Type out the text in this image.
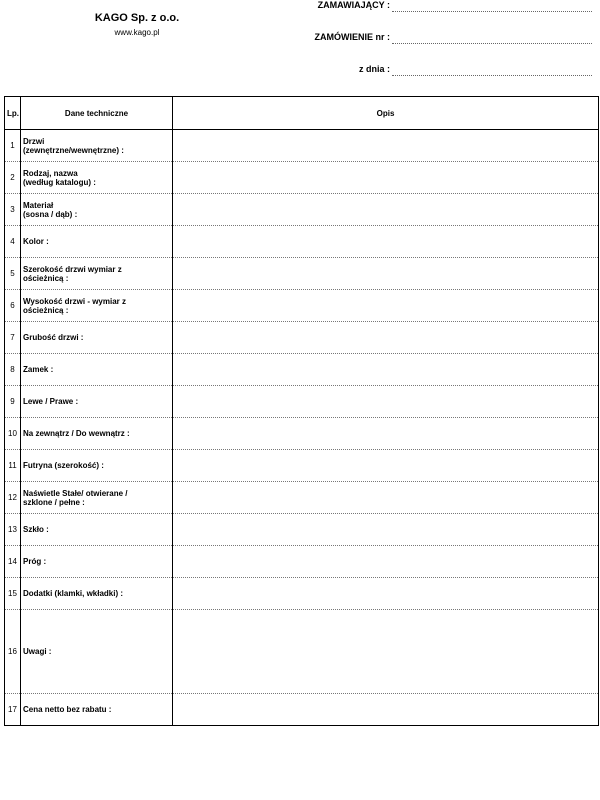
KAGO Sp. z o.o.
www.kago.pl
ZAMAWIAJĄCY :
ZAMÓWIENIE nr :
z dnia :
Lp.	Dane techniczne	Opis
1	Drzwi
(zewnętrzne/wewnętrzne) :	

2	Rodzaj, nazwa
(według katalogu) :	

3	Materiał
(sosna / dąb) :	

4	Kolor :	

5	Szerokość drzwi wymiar z
ościeżnicą :	

6	Wysokość drzwi - wymiar z
ościeżnicą :	

7	Grubość drzwi :	

8	Zamek :	

9	Lewe / Prawe :	

10	Na zewnątrz / Do wewnątrz :	

11	Futryna (szerokość) :	

12	Naświetle Stałe/ otwierane /
szklone / pełne :	

13	Szkło :	

14	Próg :	

15	Dodatki (klamki, wkładki) :	

16	Uwagi :	

17	Cena netto bez rabatu :	
